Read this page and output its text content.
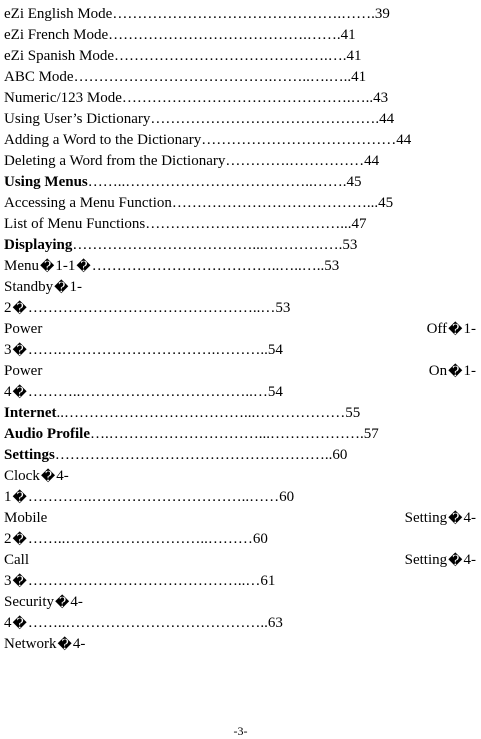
eZi English Mode ……………………………………….……. 39
eZi French Mode ………………………………….……. 41
eZi Spanish Mode …………………………………….…. 41
ABC Mode ………………………………….……..….….. 41
Numeric/123 Mode ……………………………………….….. 43
Using User’s Dictionary ………………………………………. 44
Adding a Word to the Dictionary ………………………………… 44
Deleting a Word from the Dictionary ………….…………… 44
Using Menus ……..………………………………..……. 45
Accessing a Menu Function …………………………………... 45
List of Menu Functions …………………………………... 47
Displaying ………………………………...……………. 53
Menu�1-1� ………………………………..…..….. 53
Standby�1-
2� ………………………………………..… 53
Power	Off�1-
3� …….………………………….……….. 54
Power	On�1-
4� ………..……………………………..… 54
Internet ..………………………………...……………… 55
Audio Profile ….…………………………...………………. 57
Settings ……………………………………………….. 60
Clock�4-
1� ………….…………………………..…… 60
Mobile	Setting�4-
2� ……..………………………..……… 60
Call	Setting�4-
3� ……………………………………..… 61
Security�4-
4� ……..………………………………….. 63
Network�4-
-3-
